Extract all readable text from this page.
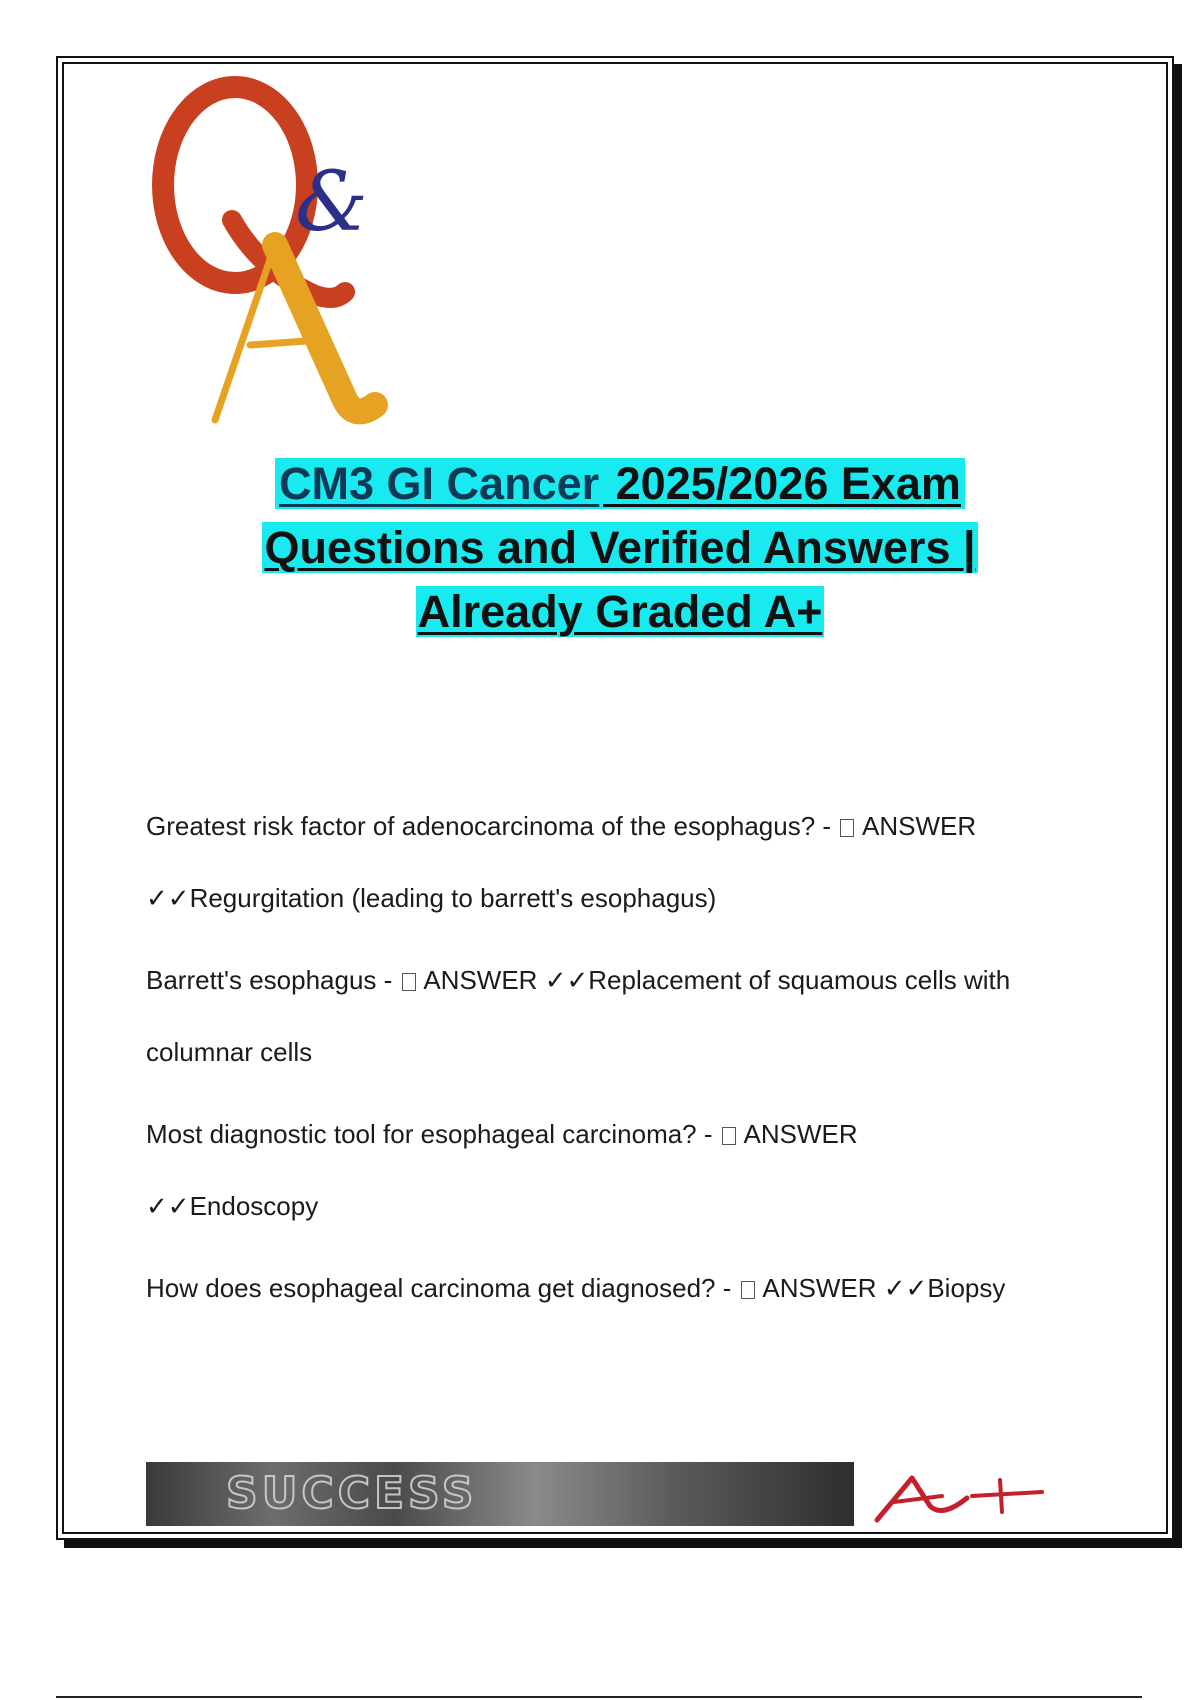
&
CM3 GI Cancer 2025/2026 Exam
Questions and Verified Answers |
Already Graded A+

Greatest risk factor of adenocarcinoma of the esophagus? -  ANSWER
✓✓Regurgitation (leading to barrett's esophagus)

Barrett's esophagus -  ANSWER ✓✓Replacement of squamous cells with columnar cells

Most diagnostic tool for esophageal carcinoma? -  ANSWER
✓✓Endoscopy

How does esophageal carcinoma get diagnosed? -  ANSWER ✓✓Biopsy

SUCCESS
